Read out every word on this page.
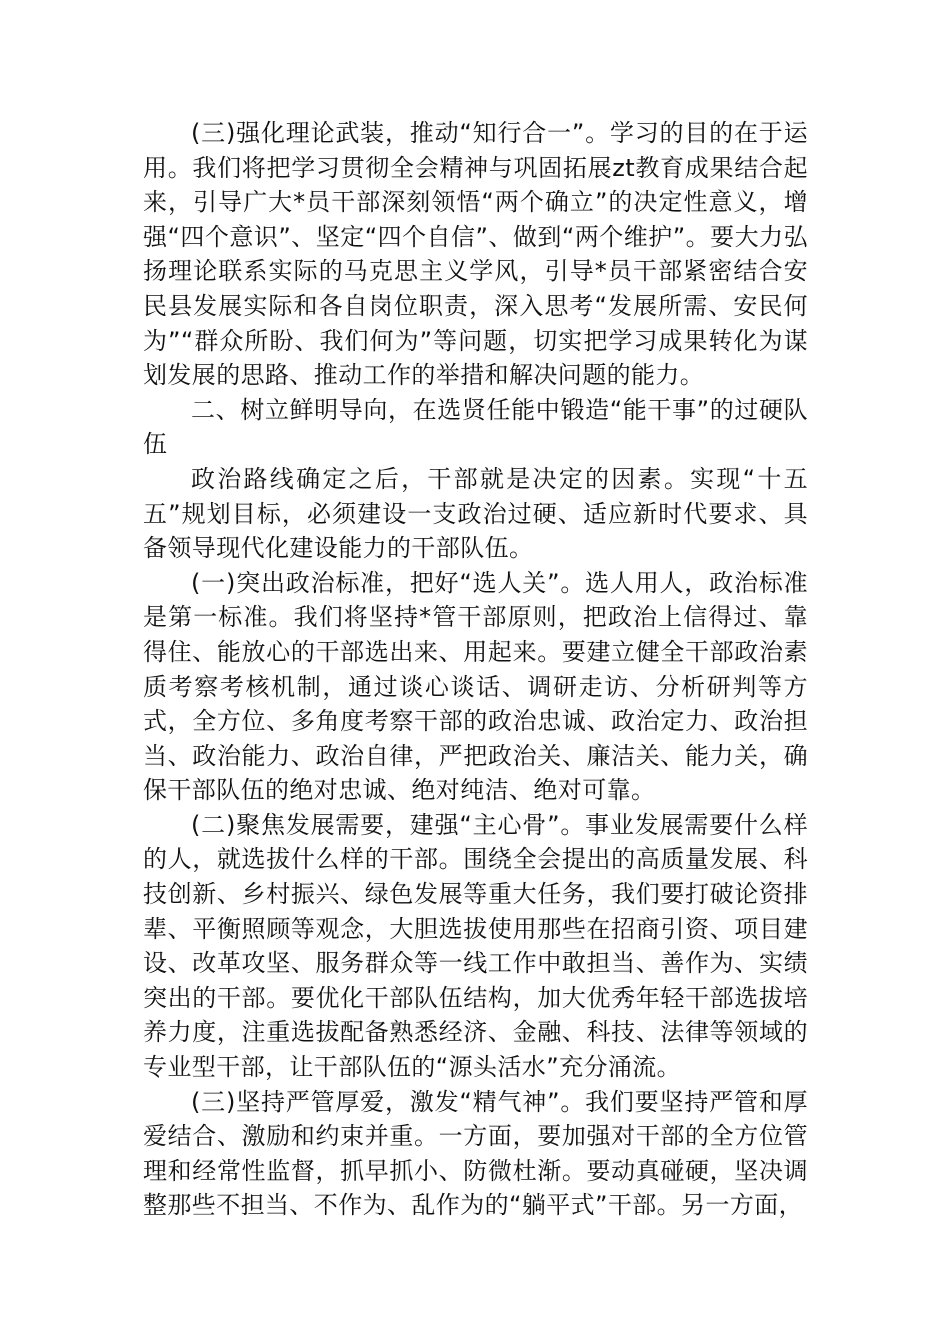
(三)强化理论武装，推动“知行合一”。学习的目的在于运用。我们将把学习贯彻全会精神与巩固拓展zt教育成果结合起来，引导广大*员干部深刻领悟“两个确立”的决定性意义，增强“四个意识”、坚定“四个自信”、做到“两个维护”。要大力弘扬理论联系实际的马克思主义学风，引导*员干部紧密结合安民县发展实际和各自岗位职责，深入思考“发展所需、安民何为”“群众所盼、我们何为”等问题，切实把学习成果转化为谋划发展的思路、推动工作的举措和解决问题的能力。

二、树立鲜明导向，在选贤任能中锻造“能干事”的过硬队伍

政治路线确定之后，干部就是决定的因素。实现“十五五”规划目标，必须建设一支政治过硬、适应新时代要求、具备领导现代化建设能力的干部队伍。

(一)突出政治标准，把好“选人关”。选人用人，政治标准是第一标准。我们将坚持*管干部原则，把政治上信得过、靠得住、能放心的干部选出来、用起来。要建立健全干部政治素质考察考核机制，通过谈心谈话、调研走访、分析研判等方式，全方位、多角度考察干部的政治忠诚、政治定力、政治担当、政治能力、政治自律，严把政治关、廉洁关、能力关，确保干部队伍的绝对忠诚、绝对纯洁、绝对可靠。

(二)聚焦发展需要，建强“主心骨”。事业发展需要什么样的人，就选拔什么样的干部。围绕全会提出的高质量发展、科技创新、乡村振兴、绿色发展等重大任务，我们要打破论资排辈、平衡照顾等观念，大胆选拔使用那些在招商引资、项目建设、改革攻坚、服务群众等一线工作中敢担当、善作为、实绩突出的干部。要优化干部队伍结构，加大优秀年轻干部选拔培养力度，注重选拔配备熟悉经济、金融、科技、法律等领域的专业型干部，让干部队伍的“源头活水”充分涌流。

(三)坚持严管厚爱，激发“精气神”。我们要坚持严管和厚爱结合、激励和约束并重。一方面，要加强对干部的全方位管理和经常性监督，抓早抓小、防微杜渐。要动真碰硬，坚决调整那些不担当、不作为、乱作为的“躺平式”干部。另一方面，
